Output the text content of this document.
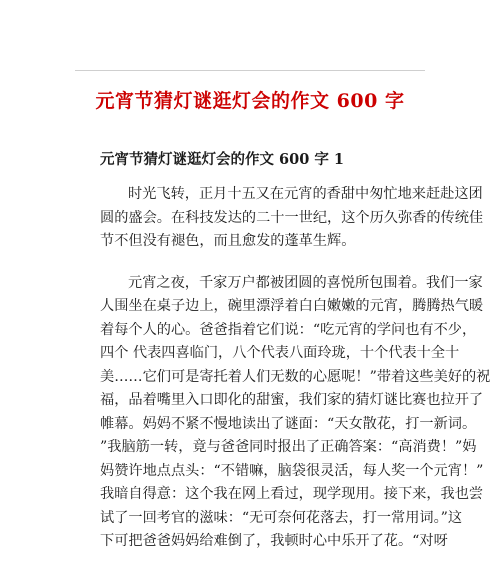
元宵节猜灯谜逛灯会的作文 600 字
元宵节猜灯谜逛灯会的作文 600 字 1
时光飞转，正月十五又在元宵的香甜中匆忙地来赶赴这团
圆的盛会。在科技发达的二十一世纪，这个历久弥香的传统佳
节不但没有褪色，而且愈发的蓬革生辉。
元宵之夜，千家万户都被团圆的喜悦所包围着。我们一家
人围坐在桌子边上，碗里漂浮着白白嫩嫩的元宵，腾腾热气暖
着每个人的心。爸爸指着它们说：“吃元宵的学问也有不少，
四个 代表四喜临门，八个代表八面玲珑，十个代表十全十
美……它们可是寄托着人们无数的心愿呢！”带着这些美好的祝
福，品着嘴里入口即化的甜蜜，我们家的猜灯谜比赛也拉开了
帷幕。妈妈不紧不慢地读出了谜面：“天女散花，打一新词。
”我脑筋一转，竟与爸爸同时报出了正确答案：“高消费！”妈
妈赞许地点点头：“不错嘛，脑袋很灵活，每人奖一个元宵！”
我暗自得意：这个我在网上看过，现学现用。接下来，我也尝
试了一回考官的滋味：“无可奈何花落去，打一常用词。”这
下可把爸爸妈妈给难倒了，我顿时心中乐开了花。“对呀
